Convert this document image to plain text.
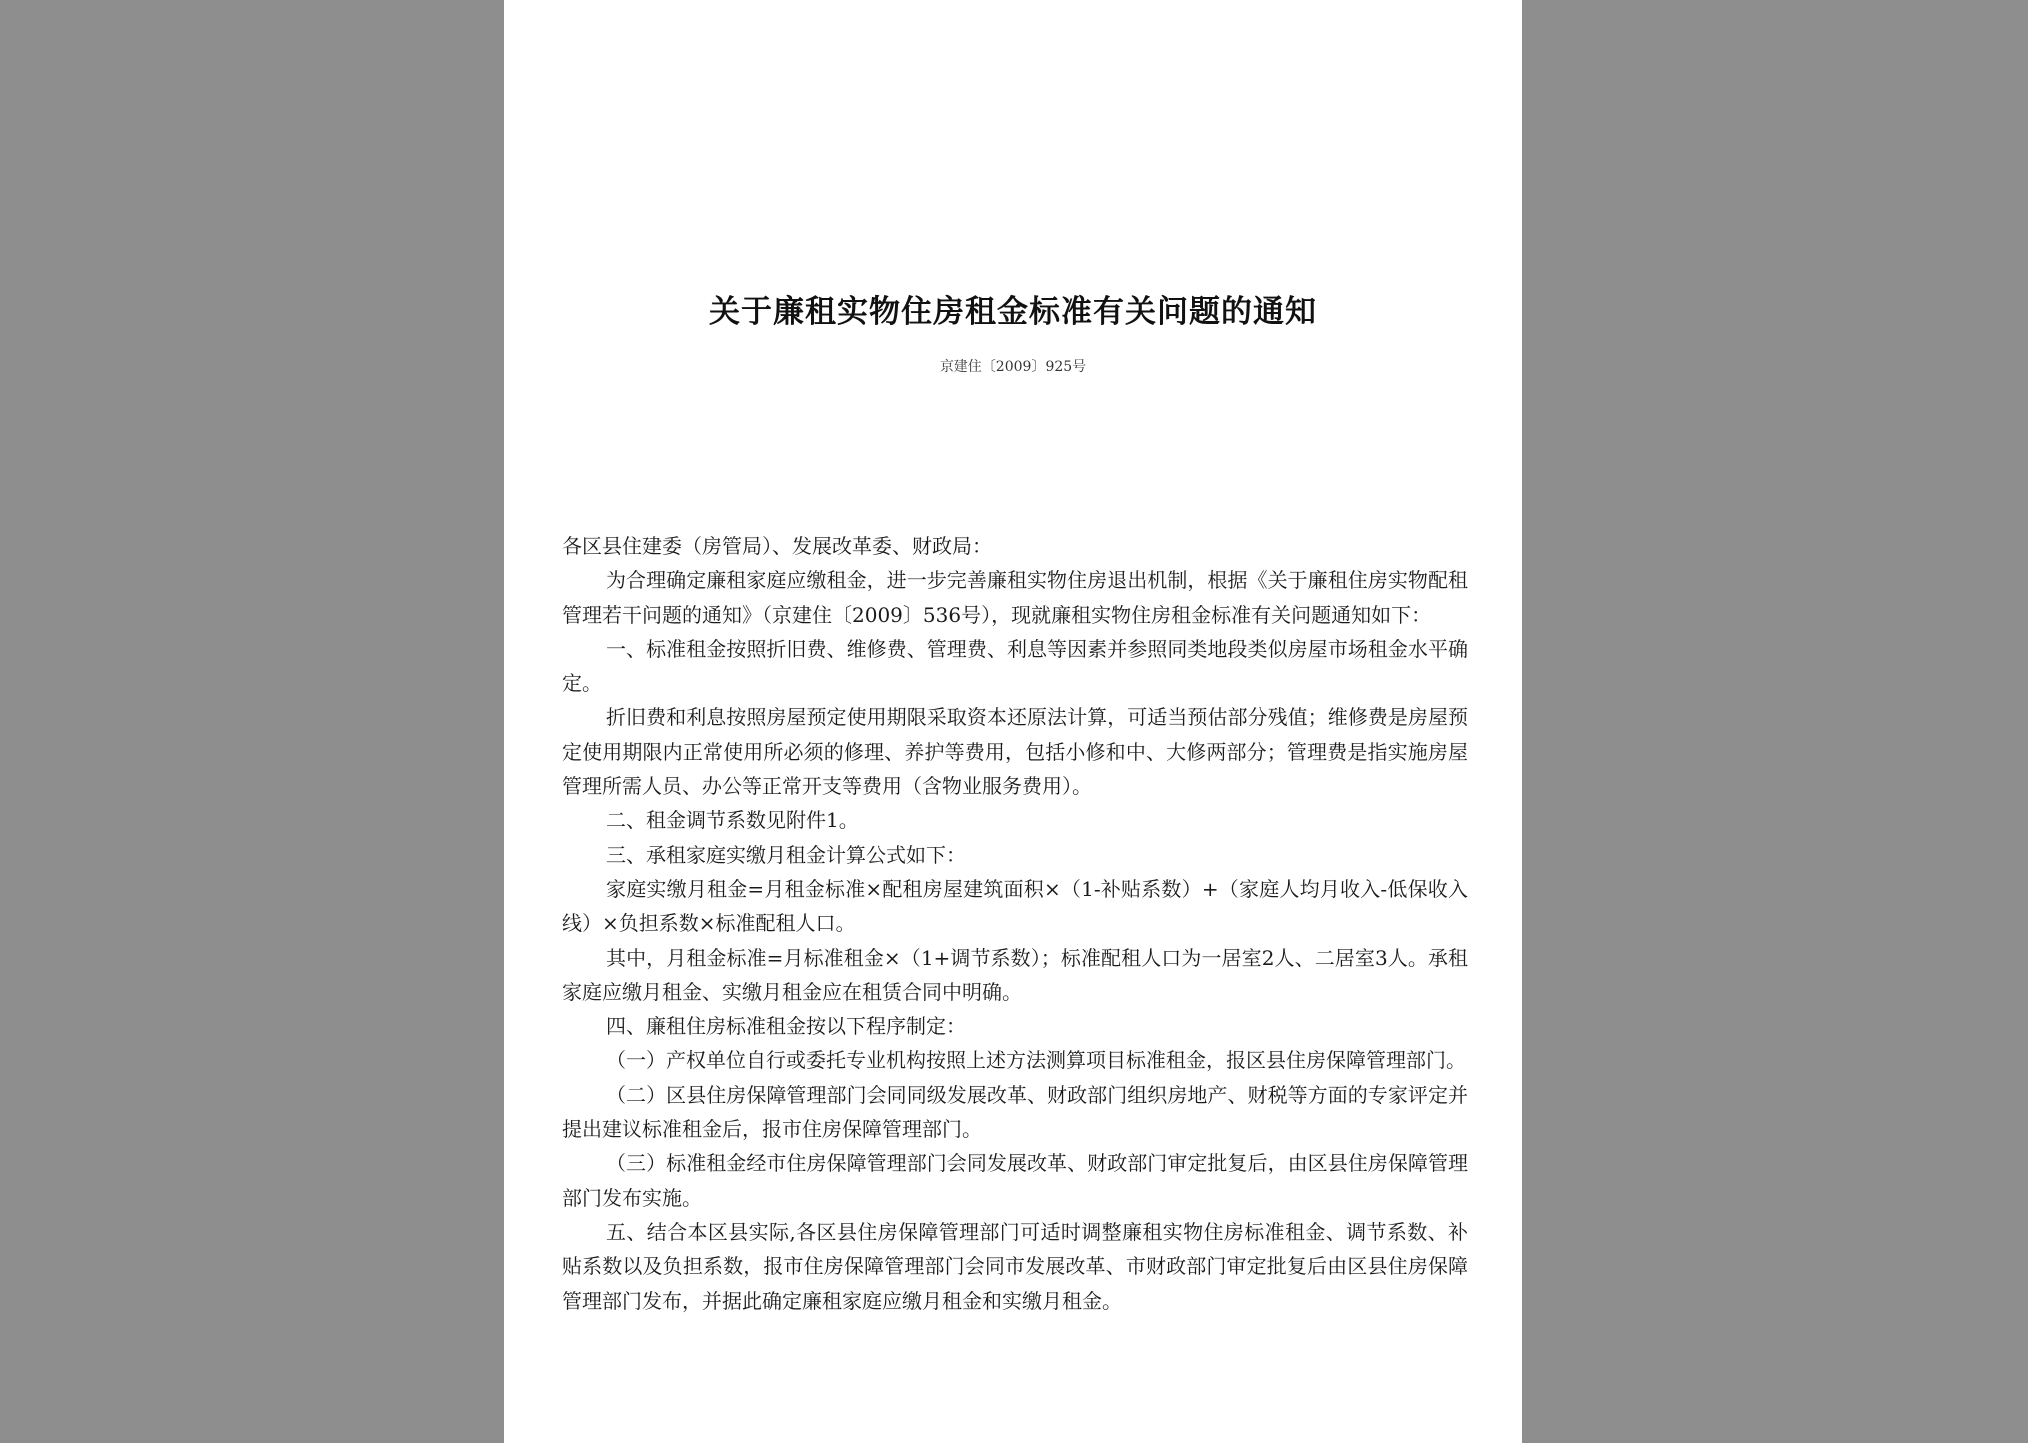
关于廉租实物住房租金标准有关问题的通知
京建住〔2009〕925号

各区县住建委（房管局）、发展改革委、财政局：

为合理确定廉租家庭应缴租金，进一步完善廉租实物住房退出机制，根据《关于廉租住房实物配租管理若干问题的通知》（京建住〔2009〕536号），现就廉租实物住房租金标准有关问题通知如下：

一、标准租金按照折旧费、维修费、管理费、利息等因素并参照同类地段类似房屋市场租金水平确定。

折旧费和利息按照房屋预定使用期限采取资本还原法计算，可适当预估部分残值；维修费是房屋预定使用期限内正常使用所必须的修理、养护等费用，包括小修和中、大修两部分；管理费是指实施房屋管理所需人员、办公等正常开支等费用（含物业服务费用）。

二、租金调节系数见附件1。

三、承租家庭实缴月租金计算公式如下：

家庭实缴月租金=月租金标准×配租房屋建筑面积×（1-补贴系数）+（家庭人均月收入-低保收入线）×负担系数×标准配租人口。

其中，月租金标准=月标准租金×（1+调节系数）；标准配租人口为一居室2人、二居室3人。承租家庭应缴月租金、实缴月租金应在租赁合同中明确。

四、廉租住房标准租金按以下程序制定：

（一）产权单位自行或委托专业机构按照上述方法测算项目标准租金，报区县住房保障管理部门。

（二）区县住房保障管理部门会同同级发展改革、财政部门组织房地产、财税等方面的专家评定并提出建议标准租金后，报市住房保障管理部门。

（三）标准租金经市住房保障管理部门会同发展改革、财政部门审定批复后，由区县住房保障管理部门发布实施。

五、结合本区县实际,各区县住房保障管理部门可适时调整廉租实物住房标准租金、调节系数、补贴系数以及负担系数，报市住房保障管理部门会同市发展改革、市财政部门审定批复后由区县住房保障管理部门发布，并据此确定廉租家庭应缴月租金和实缴月租金。
